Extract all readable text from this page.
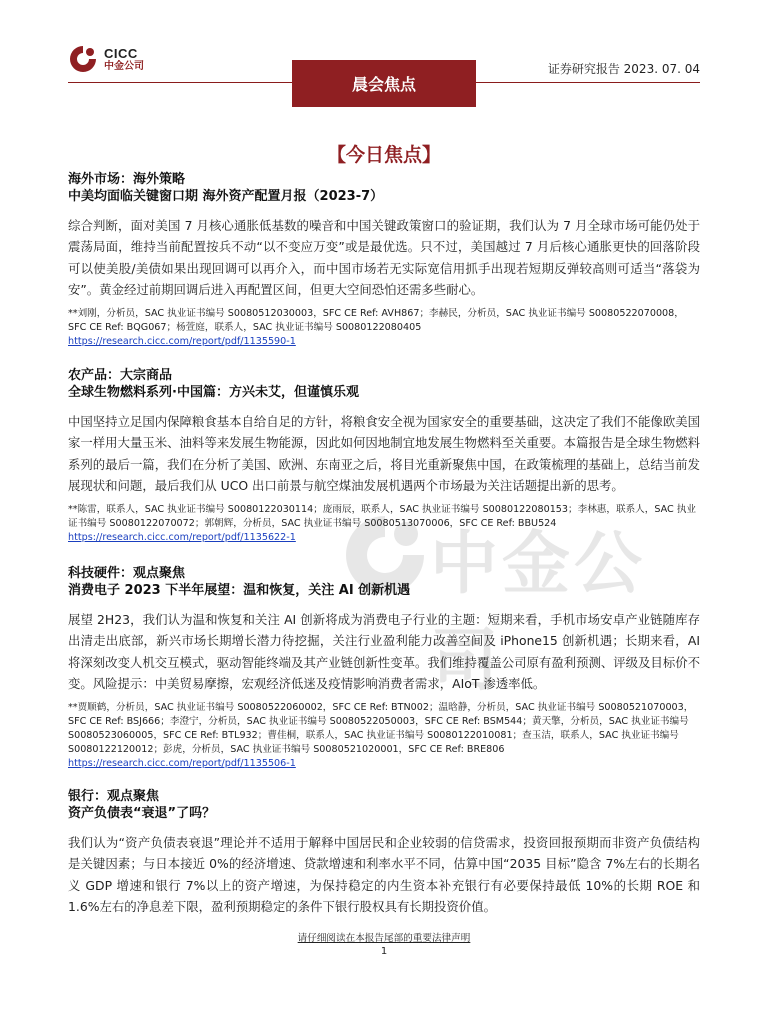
CICC
中金公司
晨会焦点
证券研究报告 2023. 07. 04
【今日焦点】
中金公司
海外市场：海外策略
中美均面临关键窗口期 海外资产配置月报（2023-7）
综合判断，面对美国 7 月核心通胀低基数的噪音和中国关键政策窗口的验证期，我们认为 7 月全球市场可能仍处于震荡局面，维持当前配置按兵不动“以不变应万变”或是最优选。只不过，美国越过 7 月后核心通胀更快的回落阶段可以使美股/美债如果出现回调可以再介入，而中国市场若无实际宽信用抓手出现若短期反弹较高则可适当“落袋为安”。黄金经过前期回调后进入再配置区间，但更大空间恐怕还需多些耐心。
**刘刚，分析员，SAC 执业证书编号 S0080512030003，SFC CE Ref: AVH867；李赫民，分析员，SAC 执业证书编号 S0080522070008，SFC CE Ref: BQG067；杨萱庭，联系人，SAC 执业证书编号 S0080122080405
https://research.cicc.com/report/pdf/1135590-1
农产品：大宗商品
全球生物燃料系列·中国篇：方兴未艾，但谨慎乐观
中国坚持立足国内保障粮食基本自给自足的方针，将粮食安全视为国家安全的重要基础，这决定了我们不能像欧美国家一样用大量玉米、油料等来发展生物能源，因此如何因地制宜地发展生物燃料至关重要。本篇报告是全球生物燃料系列的最后一篇，我们在分析了美国、欧洲、东南亚之后，将目光重新聚焦中国，在政策梳理的基础上，总结当前发展现状和问题，最后我们从 UCO 出口前景与航空煤油发展机遇两个市场最为关注话题提出新的思考。
**陈雷，联系人，SAC 执业证书编号 S0080122030114；庞雨辰，联系人，SAC 执业证书编号 S0080122080153；李林惠，联系人，SAC 执业证书编号 S0080122070072；郭朝辉，分析员，SAC 执业证书编号 S0080513070006，SFC CE Ref: BBU524
https://research.cicc.com/report/pdf/1135622-1
科技硬件：观点聚焦
消费电子 2023 下半年展望：温和恢复，关注 AI 创新机遇
展望 2H23，我们认为温和恢复和关注 AI 创新将成为消费电子行业的主题：短期来看，手机市场安卓产业链随库存出清走出底部，新兴市场长期增长潜力待挖掘，关注行业盈利能力改善空间及 iPhone15 创新机遇；长期来看，AI 将深刻改变人机交互模式，驱动智能终端及其产业链创新性变革。我们维持覆盖公司原有盈利预测、评级及目标价不变。风险提示：中美贸易摩擦，宏观经济低迷及疫情影响消费者需求，AIoT 渗透率低。
**贾顺鹤，分析员，SAC 执业证书编号 S0080522060002，SFC CE Ref: BTN002；温晗静，分析员，SAC 执业证书编号 S0080521070003，SFC CE Ref: BSJ666；李澄宁，分析员，SAC 执业证书编号 S0080522050003，SFC CE Ref: BSM544；黄天擎，分析员，SAC 执业证书编号 S0080523060005，SFC CE Ref: BTL932；曹佳桐，联系人，SAC 执业证书编号 S0080122010081；查玉洁，联系人，SAC 执业证书编号 S0080122120012；彭虎，分析员，SAC 执业证书编号 S0080521020001，SFC CE Ref: BRE806
https://research.cicc.com/report/pdf/1135506-1
银行：观点聚焦
资产负债表“衰退”了吗？
我们认为“资产负债表衰退”理论并不适用于解释中国居民和企业较弱的信贷需求，投资回报预期而非资产负债结构是关键因素；与日本接近 0%的经济增速、贷款增速和利率水平不同，估算中国“2035 目标”隐含 7%左右的长期名义 GDP 增速和银行 7%以上的资产增速，为保持稳定的内生资本补充银行有必要保持最低 10%的长期 ROE 和 1.6%左右的净息差下限，盈利预期稳定的条件下银行股权具有长期投资价值。
请仔细阅读在本报告尾部的重要法律声明
1
